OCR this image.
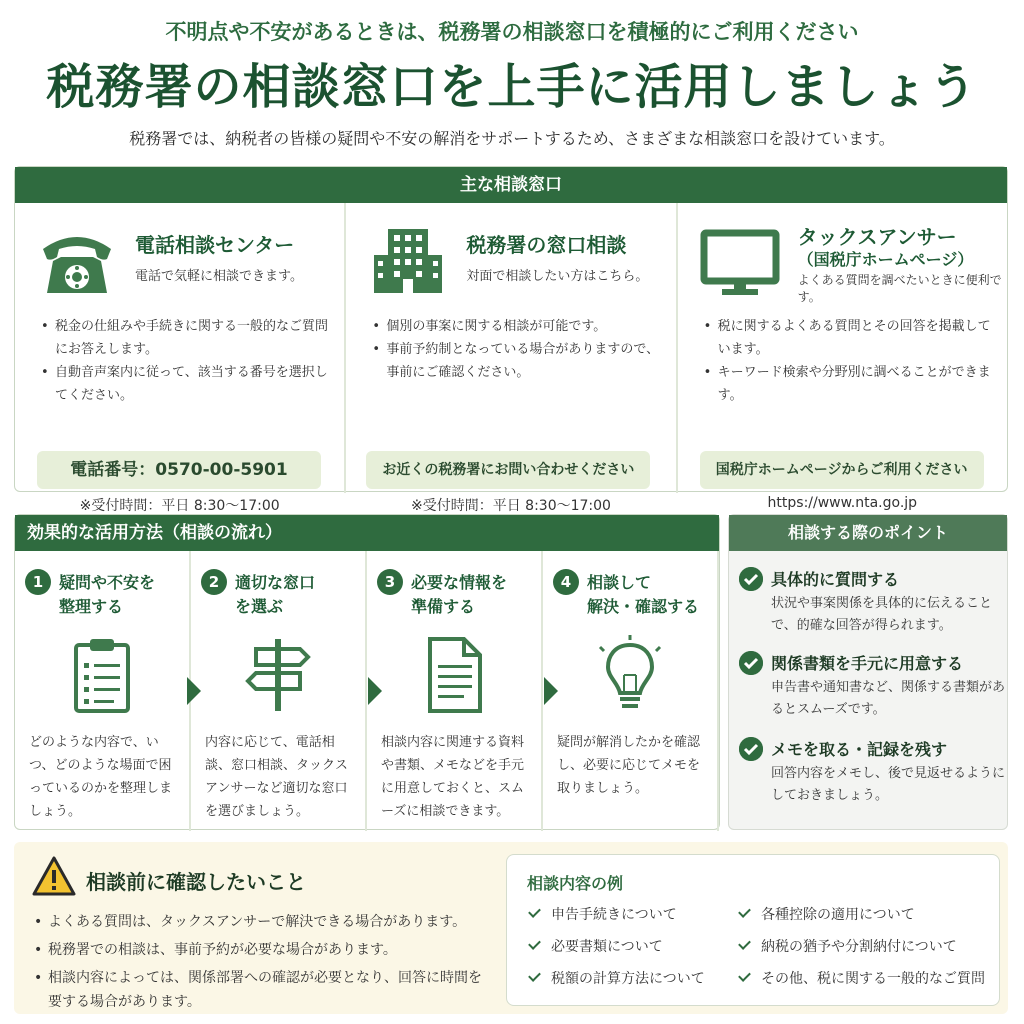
不明点や不安があるときは、税務署の相談窓口を積極的にご利用ください
税務署の相談窓口を上手に活用しましょう
税務署では、納税者の皆様の疑問や不安の解消をサポートするため、さまざまな相談窓口を設けています。
主な相談窓口
電話相談センター
電話で気軽に相談できます。
• 税金の仕組みや手続きに関する一般的なご質問にお答えします。
• 自動音声案内に従って、該当する番号を選択してください。
電話番号：0570-00-5901
※受付時間：平日 8:30〜17:00
税務署の窓口相談
対面で相談したい方はこちら。
• 個別の事案に関する相談が可能です。
• 事前予約制となっている場合がありますので、事前にご確認ください。
お近くの税務署にお問い合わせください
※受付時間：平日 8:30〜17:00
タックスアンサー
（国税庁ホームページ）
よくある質問を調べたいときに便利です。
• 税に関するよくある質問とその回答を掲載しています。
• キーワード検索や分野別に調べることができます。
国税庁ホームページからご利用ください
https://www.nta.go.jp
効果的な活用方法（相談の流れ）
1 疑問や不安を
整理する
どのような内容で、いつ、どのような場面で困っているのかを整理しましょう。
2 適切な窓口
を選ぶ
内容に応じて、電話相談、窓口相談、タックスアンサーなど適切な窓口を選びましょう。
3 必要な情報を
準備する
相談内容に関連する資料や書類、メモなどを手元に用意しておくと、スムーズに相談できます。
4 相談して
解決・確認する
疑問が解消したかを確認し、必要に応じてメモを取りましょう。
相談する際のポイント
具体的に質問する
状況や事案関係を具体的に伝えることで、的確な回答が得られます。
関係書類を手元に用意する
申告書や通知書など、関係する書類があるとスムーズです。
メモを取る・記録を残す
回答内容をメモし、後で見返せるようにしておきましょう。
相談前に確認したいこと
• よくある質問は、タックスアンサーで解決できる場合があります。
• 税務署での相談は、事前予約が必要な場合があります。
• 相談内容によっては、関係部署への確認が必要となり、回答に時間を要する場合があります。
相談内容の例
申告手続きについて	各種控除の適用について
必要書類について	納税の猶予や分割納付について
税額の計算方法について	その他、税に関する一般的なご質問
